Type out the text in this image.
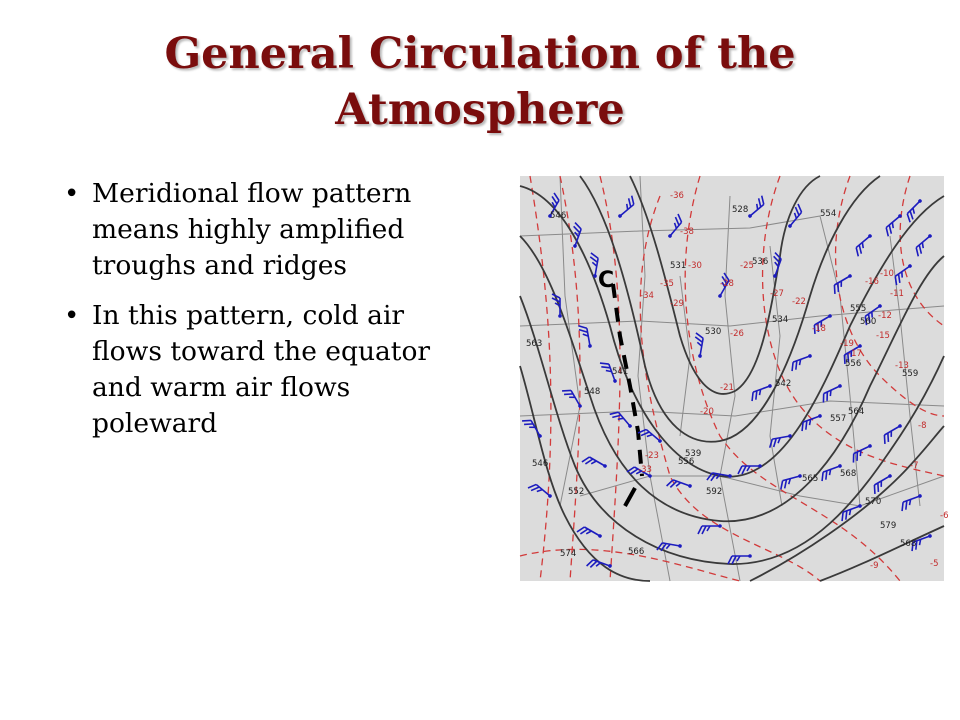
General Circulation of the Atmosphere
• Meridional flow pattern means highly amplified troughs and ridges
• In this pattern, cold air flows toward the equator and warm air flows poleward
C
528
531
530
536
534
542
546
548
552
554
555
556
557
559
560
564
565	568
570
574
579
563
546
541
592
556
566
568
539
-36
-38
-30	-25
-34
-29
-28
-27
-22
-21
-20
-19
-18
-17
-16
-15
-13
-12
-11
-8
-7
-6
-5
-33
-35
-26
-23
-10
-9
